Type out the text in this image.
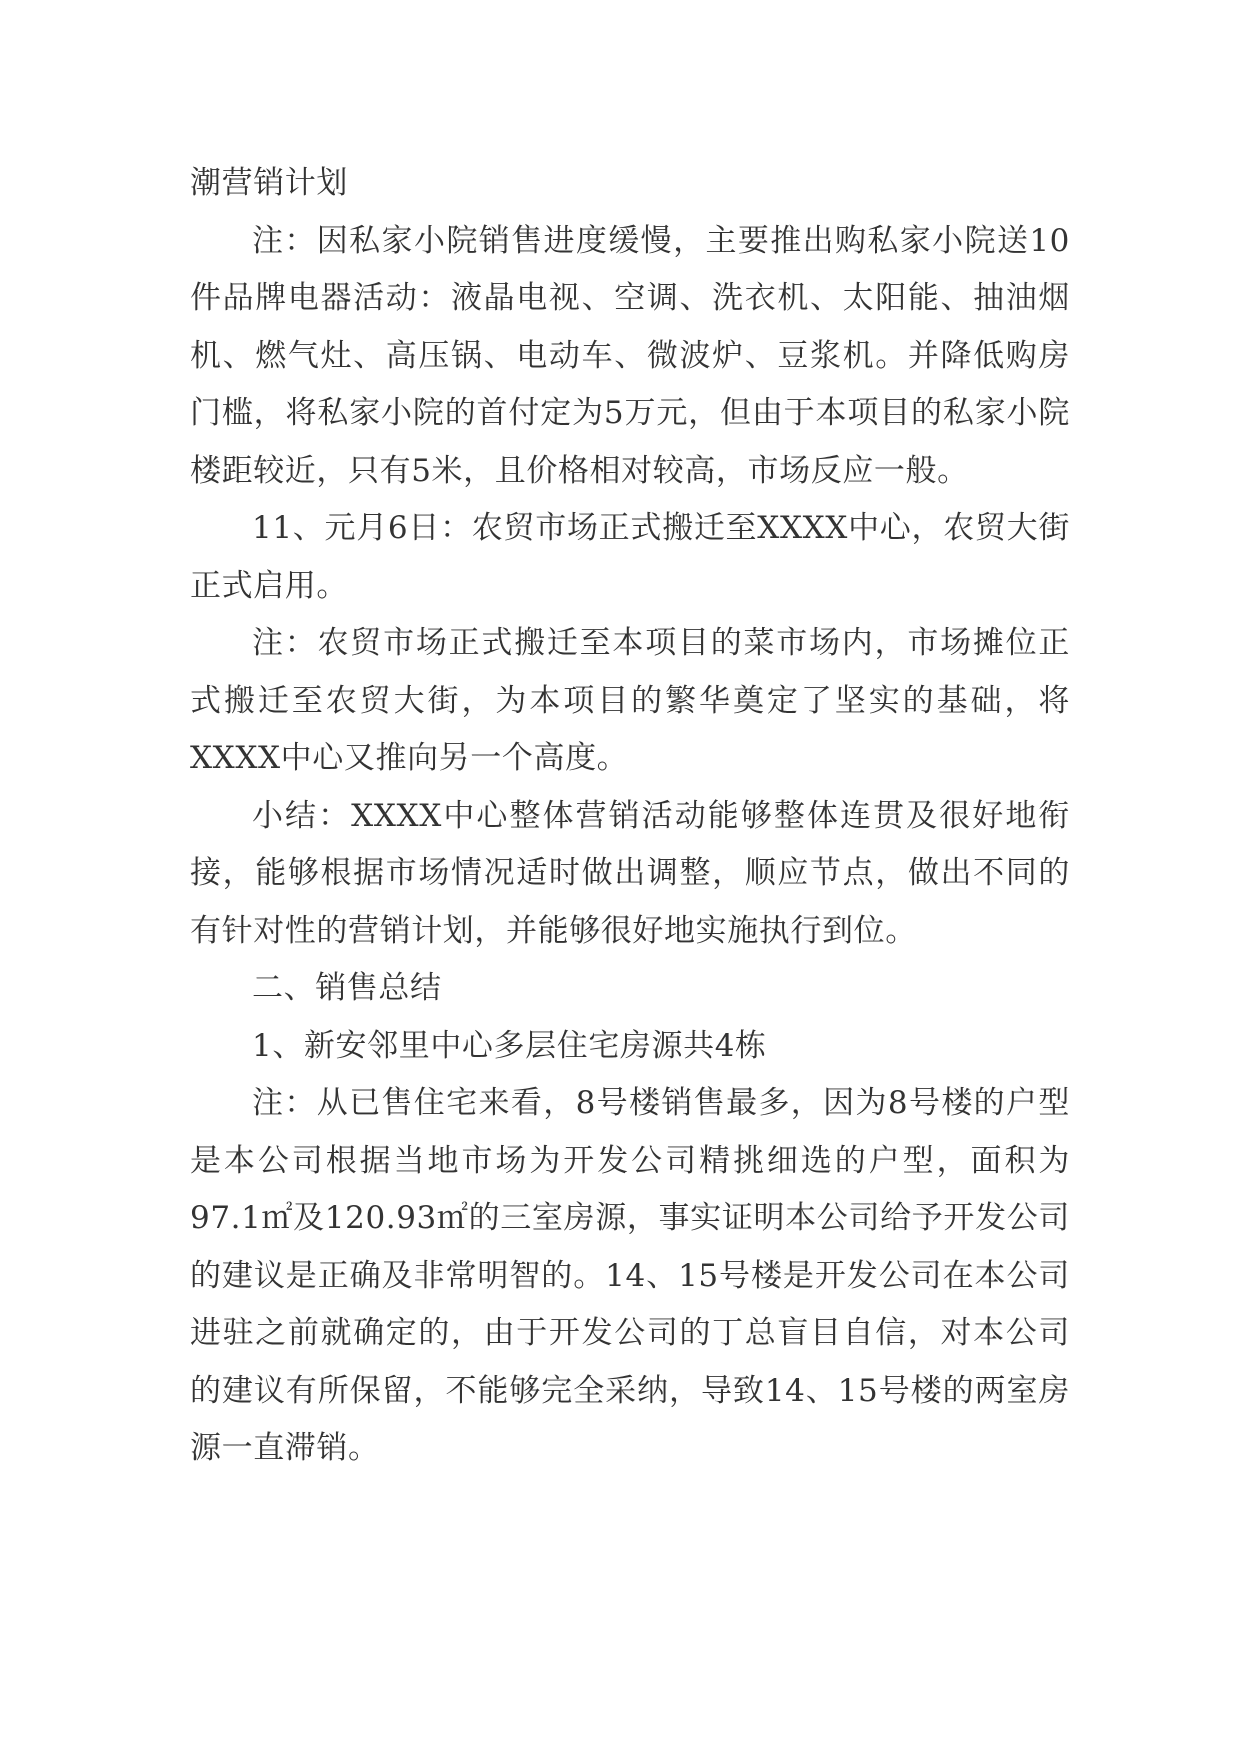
潮营销计划

注：因私家小院销售进度缓慢，主要推出购私家小院送10件品牌电器活动：液晶电视、空调、洗衣机、太阳能、抽油烟机、燃气灶、高压锅、电动车、微波炉、豆浆机。并降低购房门槛，将私家小院的首付定为5万元，但由于本项目的私家小院楼距较近，只有5米，且价格相对较高，市场反应一般。

11、元月6日：农贸市场正式搬迁至XXXX中心，农贸大街正式启用。

注：农贸市场正式搬迁至本项目的菜市场内，市场摊位正式搬迁至农贸大街，为本项目的繁华奠定了坚实的基础，将XXXX中心又推向另一个高度。

小结：XXXX中心整体营销活动能够整体连贯及很好地衔接，能够根据市场情况适时做出调整，顺应节点，做出不同的有针对性的营销计划，并能够很好地实施执行到位。

二、销售总结

1、新安邻里中心多层住宅房源共4栋

注：从已售住宅来看，8号楼销售最多，因为8号楼的户型是本公司根据当地市场为开发公司精挑细选的户型，面积为97.1㎡及120.93㎡的三室房源，事实证明本公司给予开发公司的建议是正确及非常明智的。14、15号楼是开发公司在本公司进驻之前就确定的，由于开发公司的丁总盲目自信，对本公司的建议有所保留，不能够完全采纳，导致14、15号楼的两室房源一直滞销。
